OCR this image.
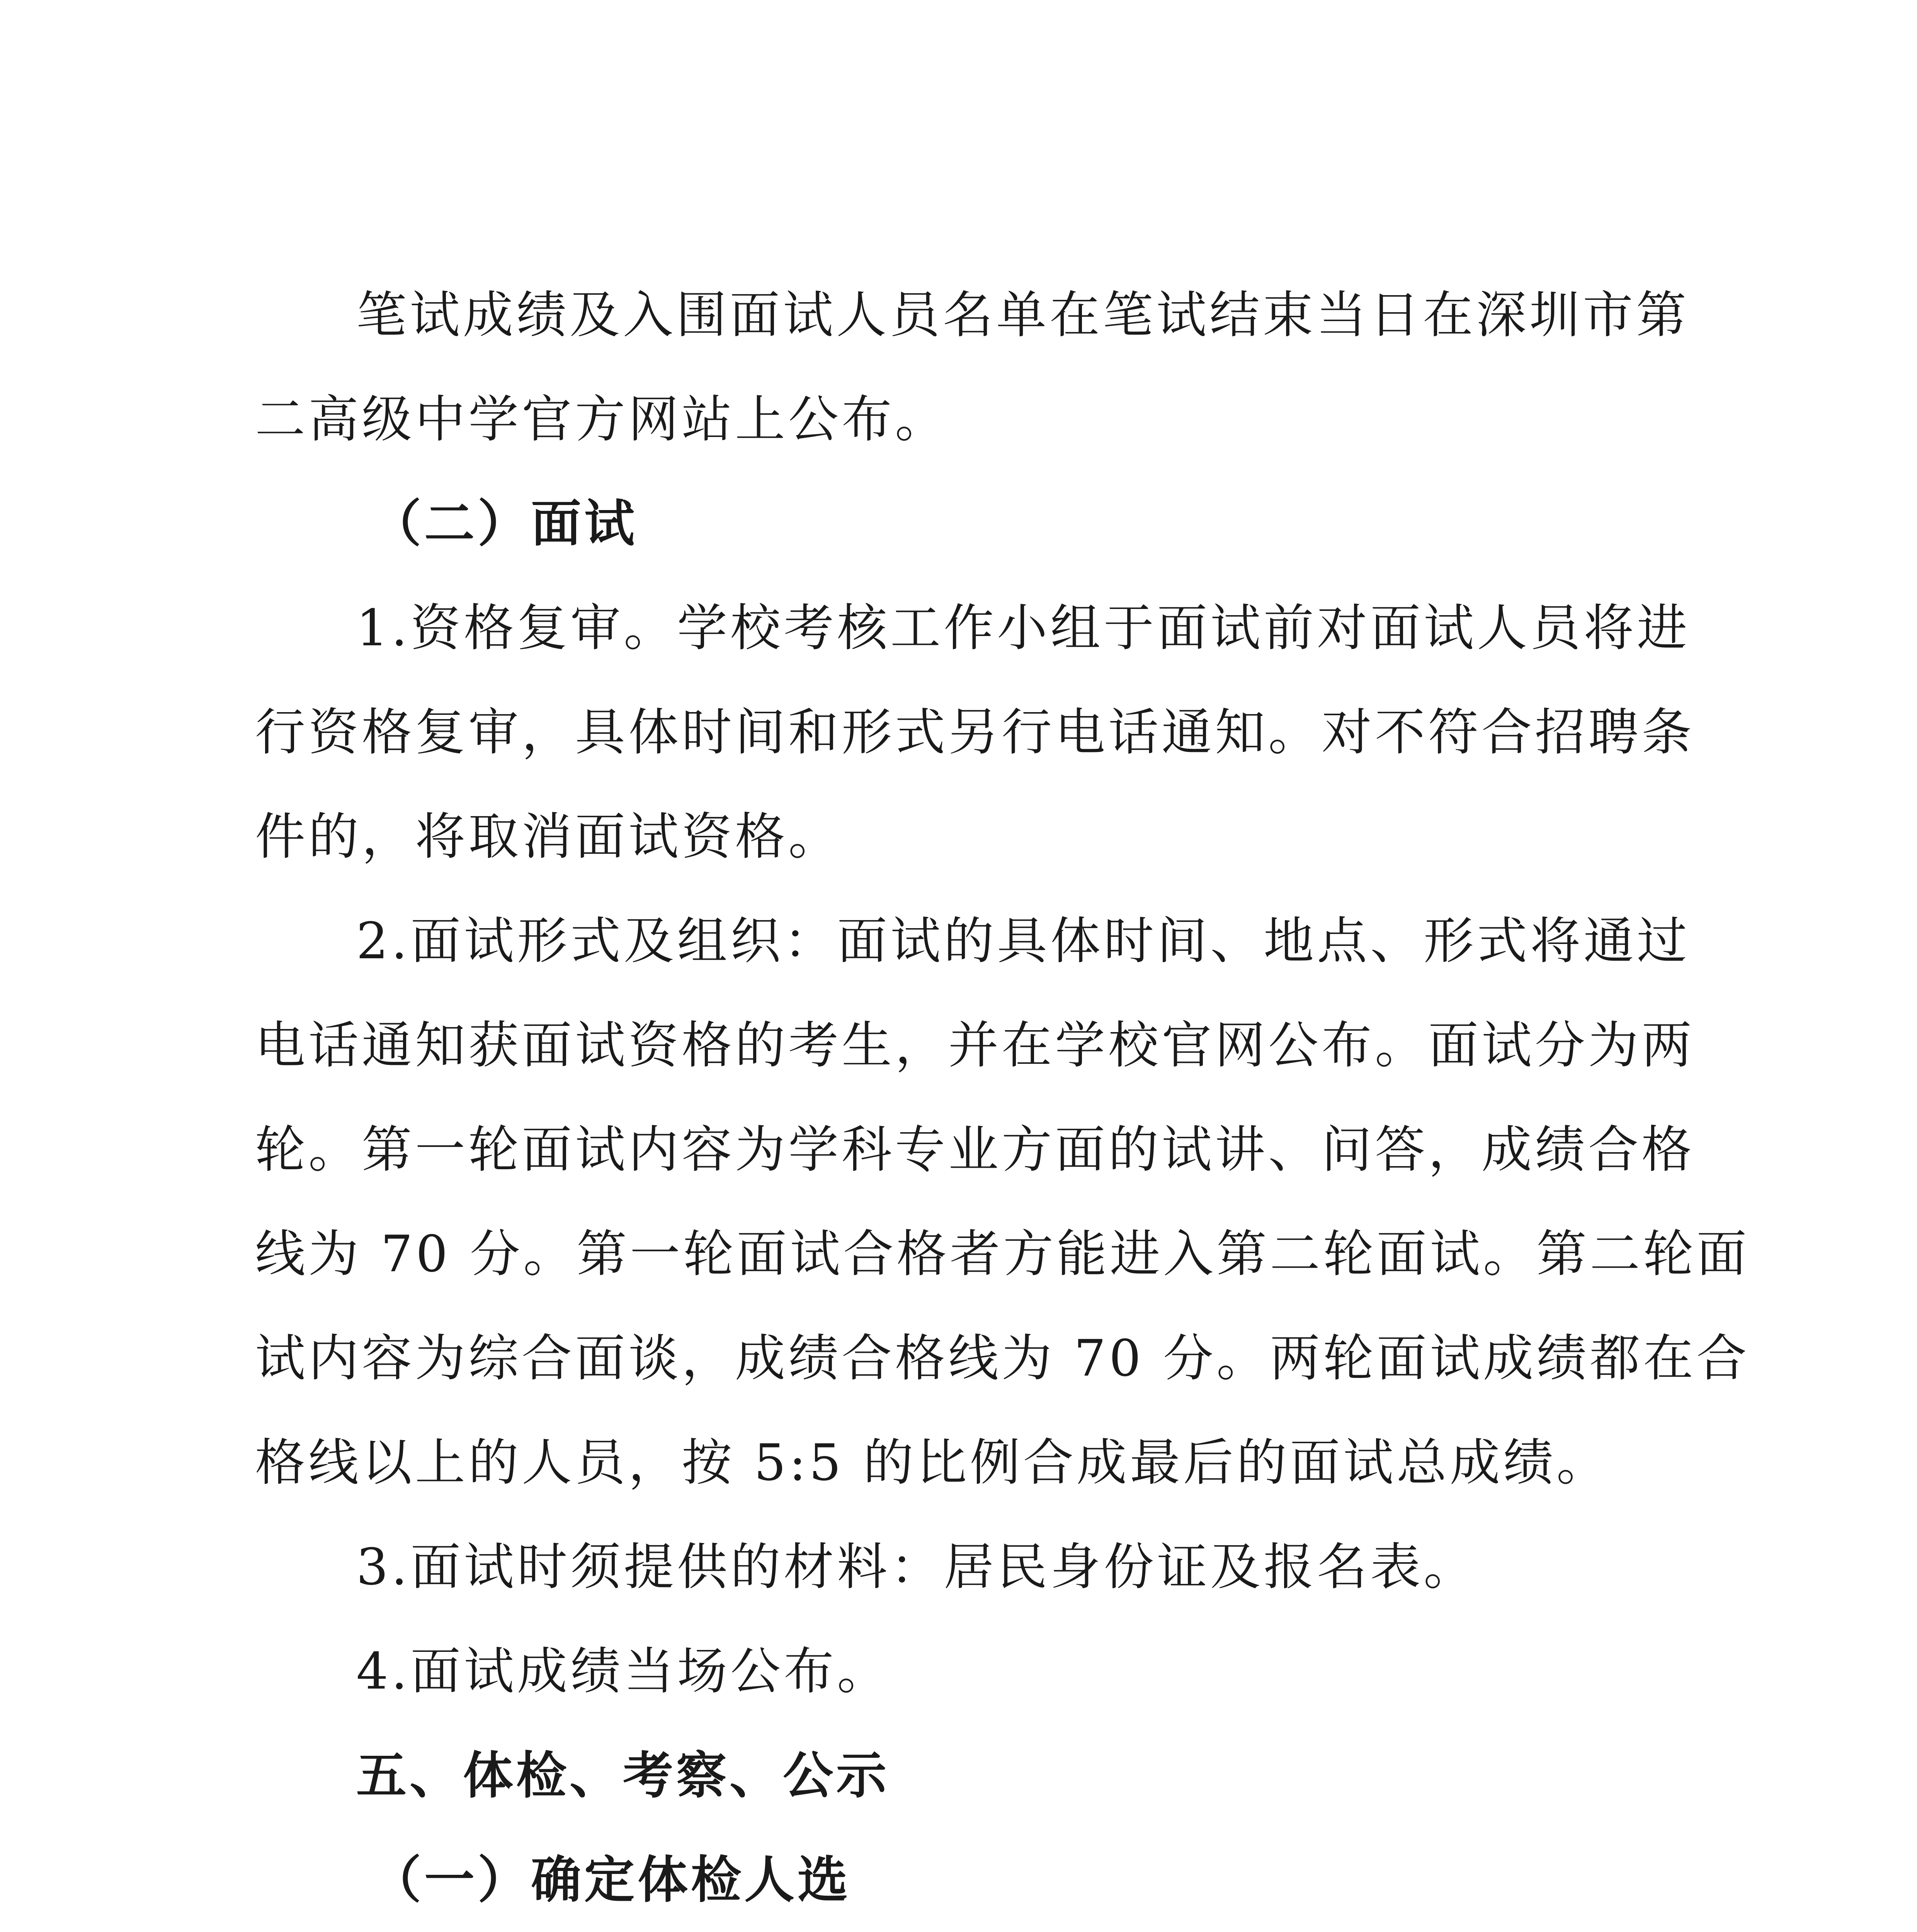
笔试成绩及入围面试人员名单在笔试结束当日在深圳市第
二高级中学官方网站上公布。
（二）面试
1.资格复审。学校考核工作小组于面试前对面试人员将进
行资格复审，具体时间和形式另行电话通知。对不符合招聘条
件的，将取消面试资格。
2.面试形式及组织：面试的具体时间、地点、形式将通过
电话通知获面试资格的考生，并在学校官网公布。面试分为两
轮。第一轮面试内容为学科专业方面的试讲、问答，成绩合格
线为 70 分。第一轮面试合格者方能进入第二轮面试。第二轮面
试内容为综合面谈，成绩合格线为 70 分。两轮面试成绩都在合
格线以上的人员，按 5:5 的比例合成最后的面试总成绩。
3.面试时须提供的材料：居民身份证及报名表。
4.面试成绩当场公布。
五、体检、考察、公示
（一）确定体检人选
